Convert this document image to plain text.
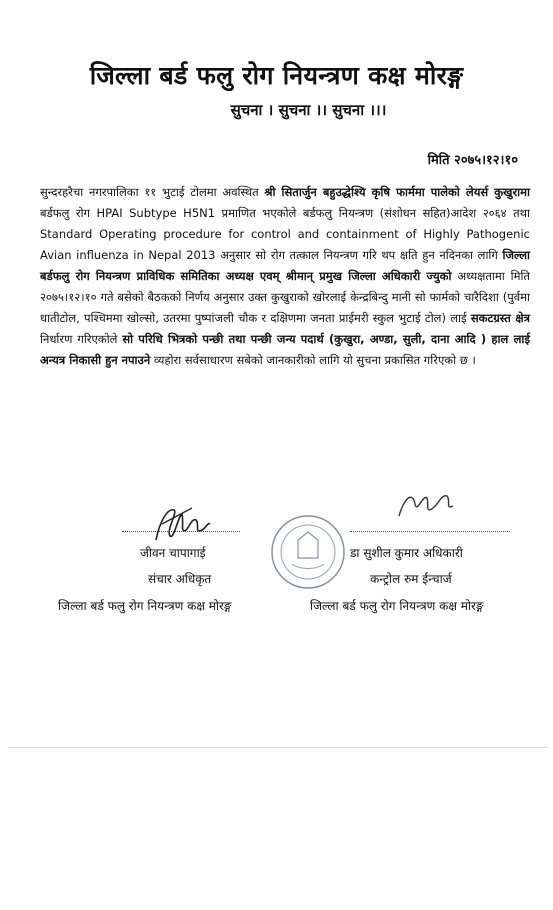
जिल्ला बर्ड फलु रोग नियन्त्रण कक्ष मोरङ्ग
सुचना । सुचना ।। सुचना ।।।
मिति २०७५।१२।१०
सुन्दरहरैचा नगरपालिका ११ भुटाई टोलमा अवस्थित श्री सितार्जुन बहुउद्धेश्यि कृषि फार्ममा पालेको लेयर्स कुखुरामा बर्डफलु रोग HPAI Subtype H5N1 प्रमाणित भएकोले बर्डफलु नियन्त्रण (संशोधन सहित)आदेश २०६४ तथा Standard Operating procedure for control and containment of Highly Pathogenic Avian influenza in Nepal 2013 अनुसार सो रोग तत्काल नियन्त्रण गरि थप क्षति हुन नदिनका लागि जिल्ला बर्डफलु रोग नियन्त्रण प्राविधिक समितिका अध्यक्ष एवम् श्रीमान् प्रमुख जिल्ला अधिकारी ज्युको अध्यक्षतामा मिति २०७५।१२।१० गते बसेको बैठकको निर्णय अनुसार उक्त कुखुराको खोरलाई केन्द्रबिन्दु मानी सो फार्मको चारैदिशा (पुर्वमा धातीटोल, पश्चिममा खोल्सो, उतरमा पुष्पांजली चौक र दक्षिणमा जनता प्राईमरी स्कुल भुटाई टोल) लाई सकटग्रस्त क्षेत्र निर्धारण गरिएकोले सो परिधि भित्रको पन्छी तथा पन्छी जन्य पदार्थ (कुखुरा, अण्डा, सुली, दाना आदि ) हाल लाई अन्यत्र निकासी हुन नपाउने व्यहोरा सर्वसाधारण सबेको जानकारीको लागि यो सुचना प्रकासित गरिएको छ ।
जीवन चापागाई
संचार अधिकृत
जिल्ला बर्ड फलु रोग नियन्त्रण कक्ष मोरङ्ग
डा सुशील कुमार अधिकारी
कन्ट्रोल रुम ईन्चार्ज
जिल्ला बर्ड फलु रोग नियन्त्रण कक्ष मोरङ्ग
